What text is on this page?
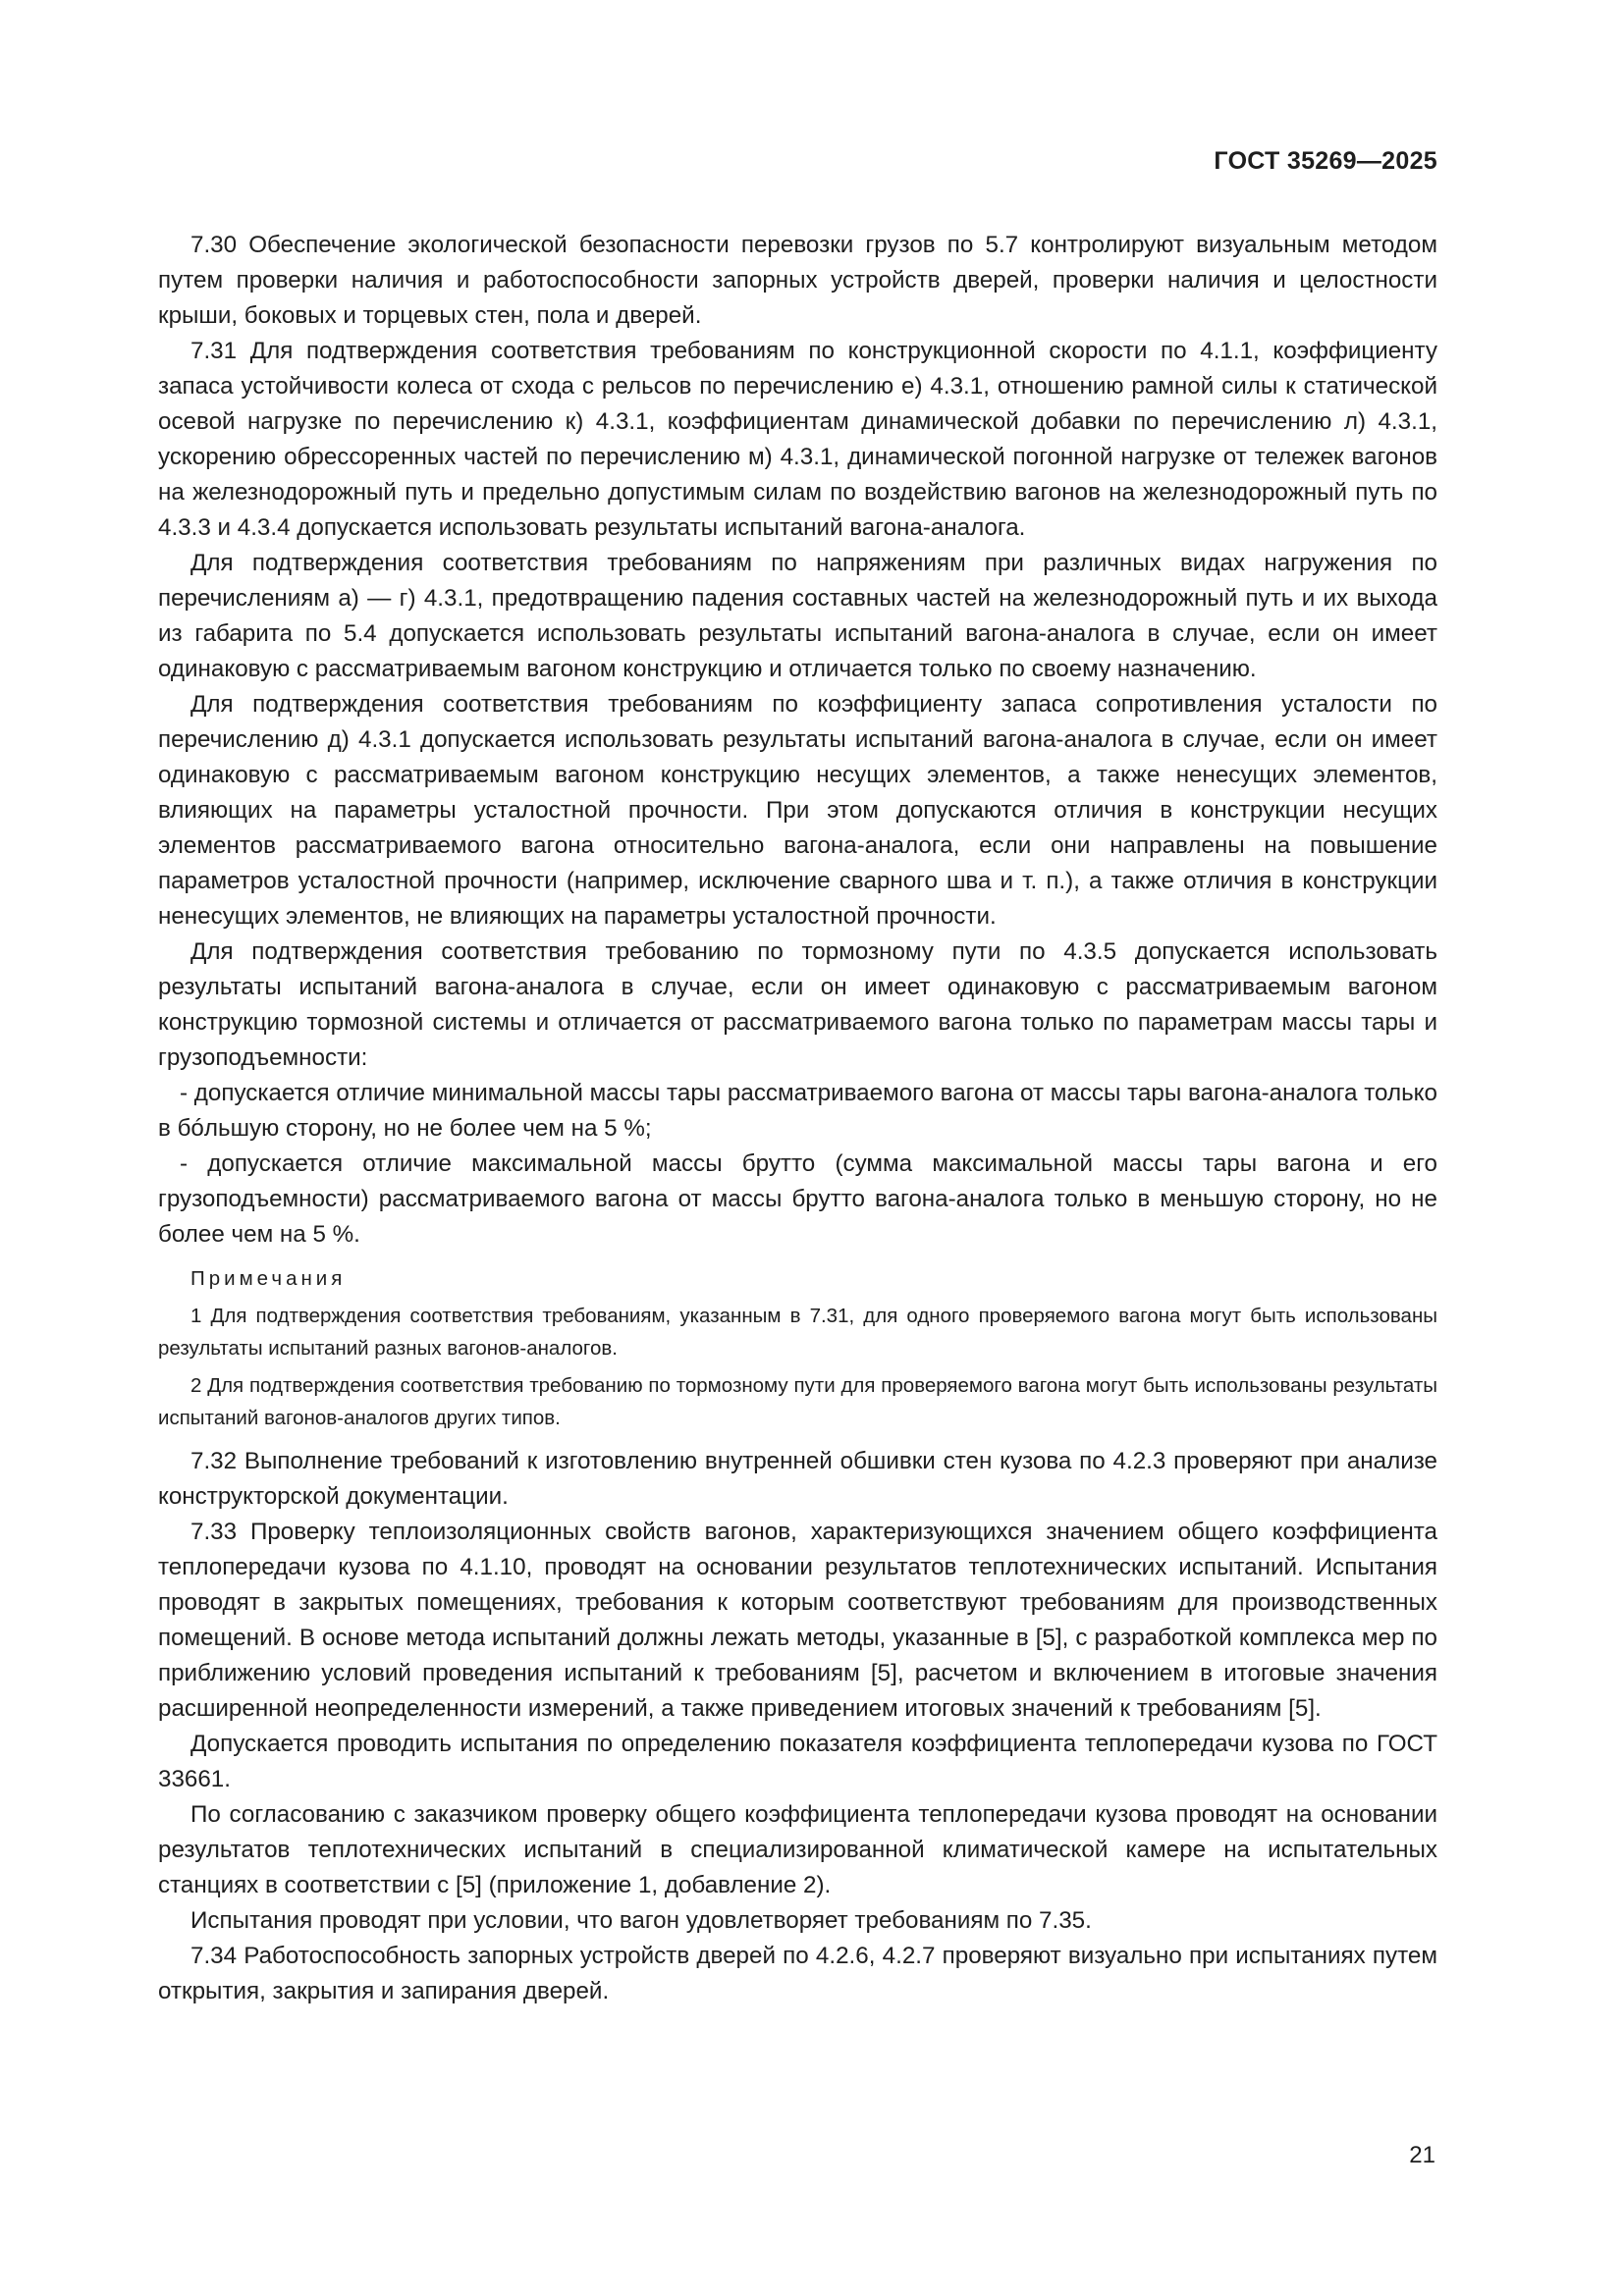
ГОСТ 35269—2025

7.30 Обеспечение экологической безопасности перевозки грузов по 5.7 контролируют визуальным методом путем проверки наличия и работоспособности запорных устройств дверей, проверки наличия и целостности крыши, боковых и торцевых стен, пола и дверей.

7.31 Для подтверждения соответствия требованиям по конструкционной скорости по 4.1.1, коэффициенту запаса устойчивости колеса от схода с рельсов по перечислению е) 4.3.1, отношению рамной силы к статической осевой нагрузке по перечислению к) 4.3.1, коэффициентам динамической добавки по перечислению л) 4.3.1, ускорению обрессоренных частей по перечислению м) 4.3.1, динамической погонной нагрузке от тележек вагонов на железнодорожный путь и предельно допустимым силам по воздействию вагонов на железнодорожный путь по 4.3.3 и 4.3.4 допускается использовать результаты испытаний вагона-аналога.

Для подтверждения соответствия требованиям по напряжениям при различных видах нагружения по перечислениям а) — г) 4.3.1, предотвращению падения составных частей на железнодорожный путь и их выхода из габарита по 5.4 допускается использовать результаты испытаний вагона-аналога в случае, если он имеет одинаковую с рассматриваемым вагоном конструкцию и отличается только по своему назначению.

Для подтверждения соответствия требованиям по коэффициенту запаса сопротивления усталости по перечислению д) 4.3.1 допускается использовать результаты испытаний вагона-аналога в случае, если он имеет одинаковую с рассматриваемым вагоном конструкцию несущих элементов, а также ненесущих элементов, влияющих на параметры усталостной прочности. При этом допускаются отличия в конструкции несущих элементов рассматриваемого вагона относительно вагона-аналога, если они направлены на повышение параметров усталостной прочности (например, исключение сварного шва и т. п.), а также отличия в конструкции ненесущих элементов, не влияющих на параметры усталостной прочности.

Для подтверждения соответствия требованию по тормозному пути по 4.3.5 допускается использовать результаты испытаний вагона-аналога в случае, если он имеет одинаковую с рассматриваемым вагоном конструкцию тормозной системы и отличается от рассматриваемого вагона только по параметрам массы тары и грузоподъемности:

- допускается отличие минимальной массы тары рассматриваемого вагона от массы тары вагона-аналога только в бóльшую сторону, но не более чем на 5 %;

- допускается отличие максимальной массы брутто (сумма максимальной массы тары вагона и его грузоподъемности) рассматриваемого вагона от массы брутто вагона-аналога только в меньшую сторону, но не более чем на 5 %.

Примечания

1 Для подтверждения соответствия требованиям, указанным в 7.31, для одного проверяемого вагона могут быть использованы результаты испытаний разных вагонов-аналогов.

2 Для подтверждения соответствия требованию по тормозному пути для проверяемого вагона могут быть использованы результаты испытаний вагонов-аналогов других типов.

7.32 Выполнение требований к изготовлению внутренней обшивки стен кузова по 4.2.3 проверяют при анализе конструкторской документации.

7.33 Проверку теплоизоляционных свойств вагонов, характеризующихся значением общего коэффициента теплопередачи кузова по 4.1.10, проводят на основании результатов теплотехнических испытаний. Испытания проводят в закрытых помещениях, требования к которым соответствуют требованиям для производственных помещений. В основе метода испытаний должны лежать методы, указанные в [5], с разработкой комплекса мер по приближению условий проведения испытаний к требованиям [5], расчетом и включением в итоговые значения расширенной неопределенности измерений, а также приведением итоговых значений к требованиям [5].

Допускается проводить испытания по определению показателя коэффициента теплопередачи кузова по ГОСТ 33661.

По согласованию с заказчиком проверку общего коэффициента теплопередачи кузова проводят на основании результатов теплотехнических испытаний в специализированной климатической камере на испытательных станциях в соответствии с [5] (приложение 1, добавление 2).

Испытания проводят при условии, что вагон удовлетворяет требованиям по 7.35.

7.34 Работоспособность запорных устройств дверей по 4.2.6, 4.2.7 проверяют визуально при испытаниях путем открытия, закрытия и запирания дверей.

21
